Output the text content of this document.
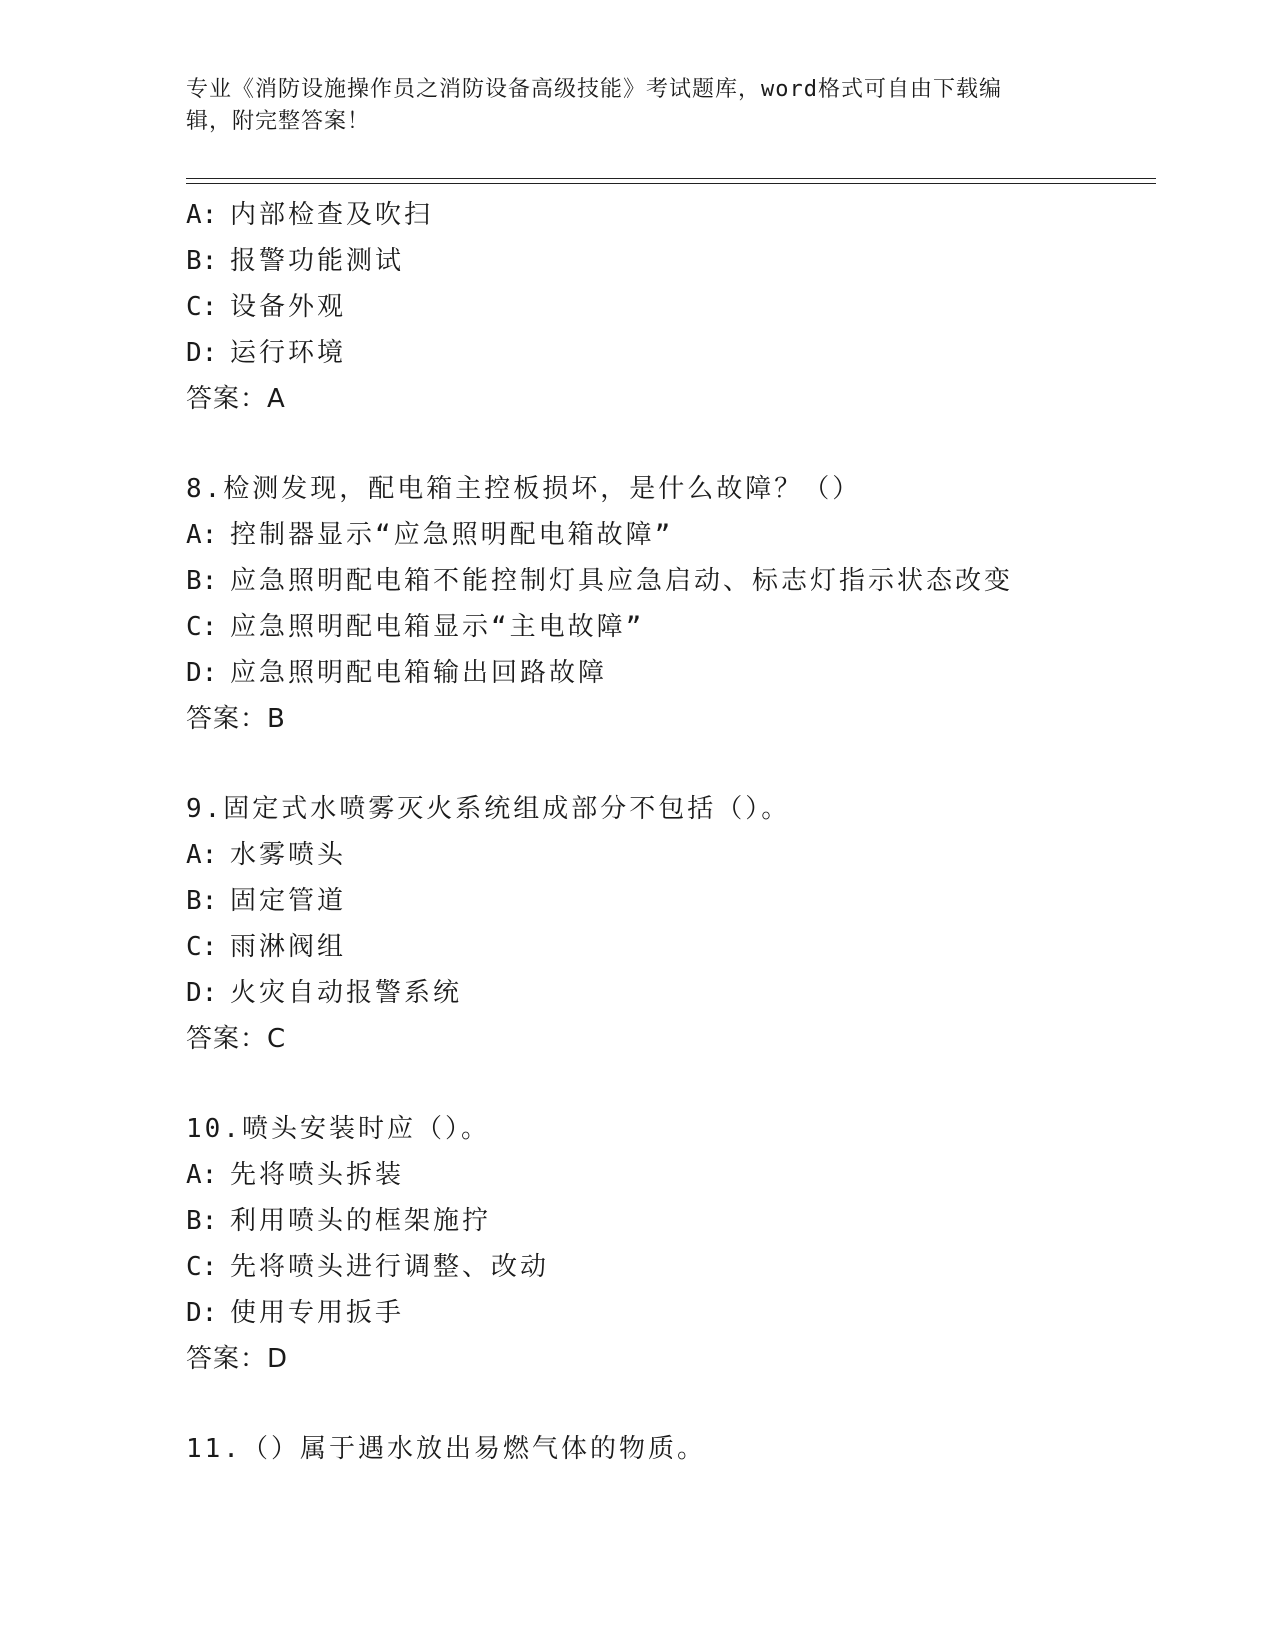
专业《消防设施操作员之消防设备高级技能》考试题库，word格式可自由下载编
辑，附完整答案！
A: 内部检查及吹扫
B: 报警功能测试
C: 设备外观
D: 运行环境
答案：A
8.检测发现，配电箱主控板损坏，是什么故障？（）
A: 控制器显示“应急照明配电箱故障”
B: 应急照明配电箱不能控制灯具应急启动、标志灯指示状态改变
C: 应急照明配电箱显示“主电故障”
D: 应急照明配电箱输出回路故障
答案：B
9.固定式水喷雾灭火系统组成部分不包括（）。
A: 水雾喷头
B: 固定管道
C: 雨淋阀组
D: 火灾自动报警系统
答案：C
10.喷头安装时应（）。
A: 先将喷头拆装
B: 利用喷头的框架施拧
C: 先将喷头进行调整、改动
D: 使用专用扳手
答案：D
11.（）属于遇水放出易燃气体的物质。
